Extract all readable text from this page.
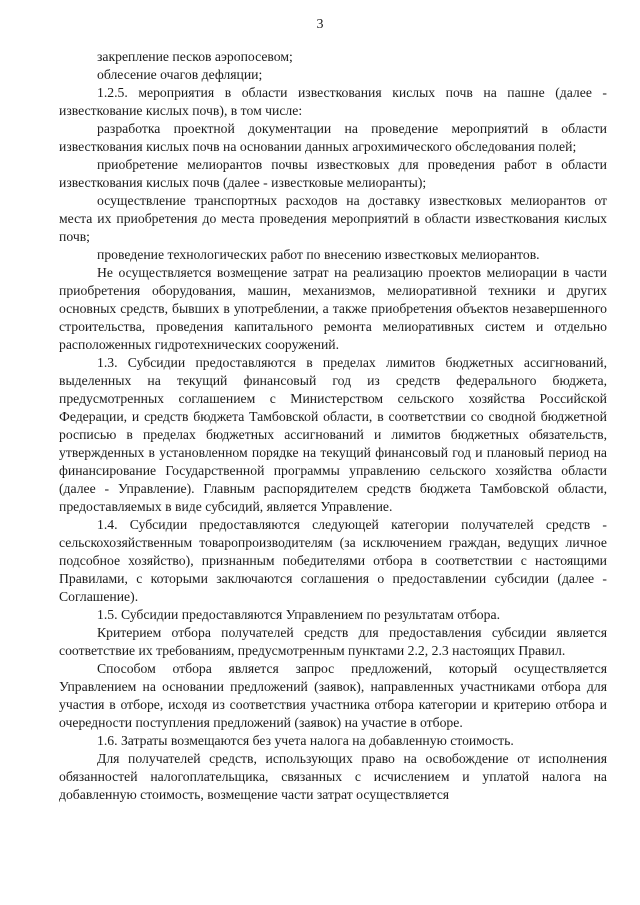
3

закрепление песков аэропосевом;

облесение очагов дефляции;

1.2.5. мероприятия в области известкования кислых почв на пашне (далее - известкование кислых почв), в том числе:

разработка проектной документации на проведение мероприятий в области известкования кислых почв на основании данных агрохимического обследования полей;

приобретение мелиорантов почвы известковых для проведения работ в области известкования кислых почв (далее - известковые мелиоранты);

осуществление транспортных расходов на доставку известковых мелиорантов от места их приобретения до места проведения мероприятий в области известкования кислых почв;

проведение технологических работ по внесению известковых мелиорантов.

Не осуществляется возмещение затрат на реализацию проектов мелиорации в части приобретения оборудования, машин, механизмов, мелиоративной техники и других основных средств, бывших в употреблении, а также приобретения объектов незавершенного строительства, проведения капитального ремонта мелиоративных систем и отдельно расположенных гидротехнических сооружений.

1.3. Субсидии предоставляются в пределах лимитов бюджетных ассигнований, выделенных на текущий финансовый год из средств федерального бюджета, предусмотренных соглашением с Министерством сельского хозяйства Российской Федерации, и средств бюджета Тамбовской области, в соответствии со сводной бюджетной росписью в пределах бюджетных ассигнований и лимитов бюджетных обязательств, утвержденных в установленном порядке на текущий финансовый год и плановый период на финансирование Государственной программы управлению сельского хозяйства области (далее - Управление). Главным распорядителем средств бюджета Тамбовской области, предоставляемых в виде субсидий, является Управление.

1.4. Субсидии предоставляются следующей категории получателей средств - сельскохозяйственным товаропроизводителям (за исключением граждан, ведущих личное подсобное хозяйство), признанным победителями отбора в соответствии с настоящими Правилами, с которыми заключаются соглашения о предоставлении субсидии (далее - Соглашение).

1.5. Субсидии предоставляются Управлением по результатам отбора.

Критерием отбора получателей средств для предоставления субсидии является соответствие их требованиям, предусмотренным пунктами 2.2, 2.3 настоящих Правил.

Способом отбора является запрос предложений, который осуществляется Управлением на основании предложений (заявок), направленных участниками отбора для участия в отборе, исходя из соответствия участника отбора категории и критерию отбора и очередности поступления предложений (заявок) на участие в отборе.

1.6. Затраты возмещаются без учета налога на добавленную стоимость.

Для получателей средств, использующих право на освобождение от исполнения обязанностей налогоплательщика, связанных с исчислением и уплатой налога на добавленную стоимость, возмещение части затрат осуществляется
